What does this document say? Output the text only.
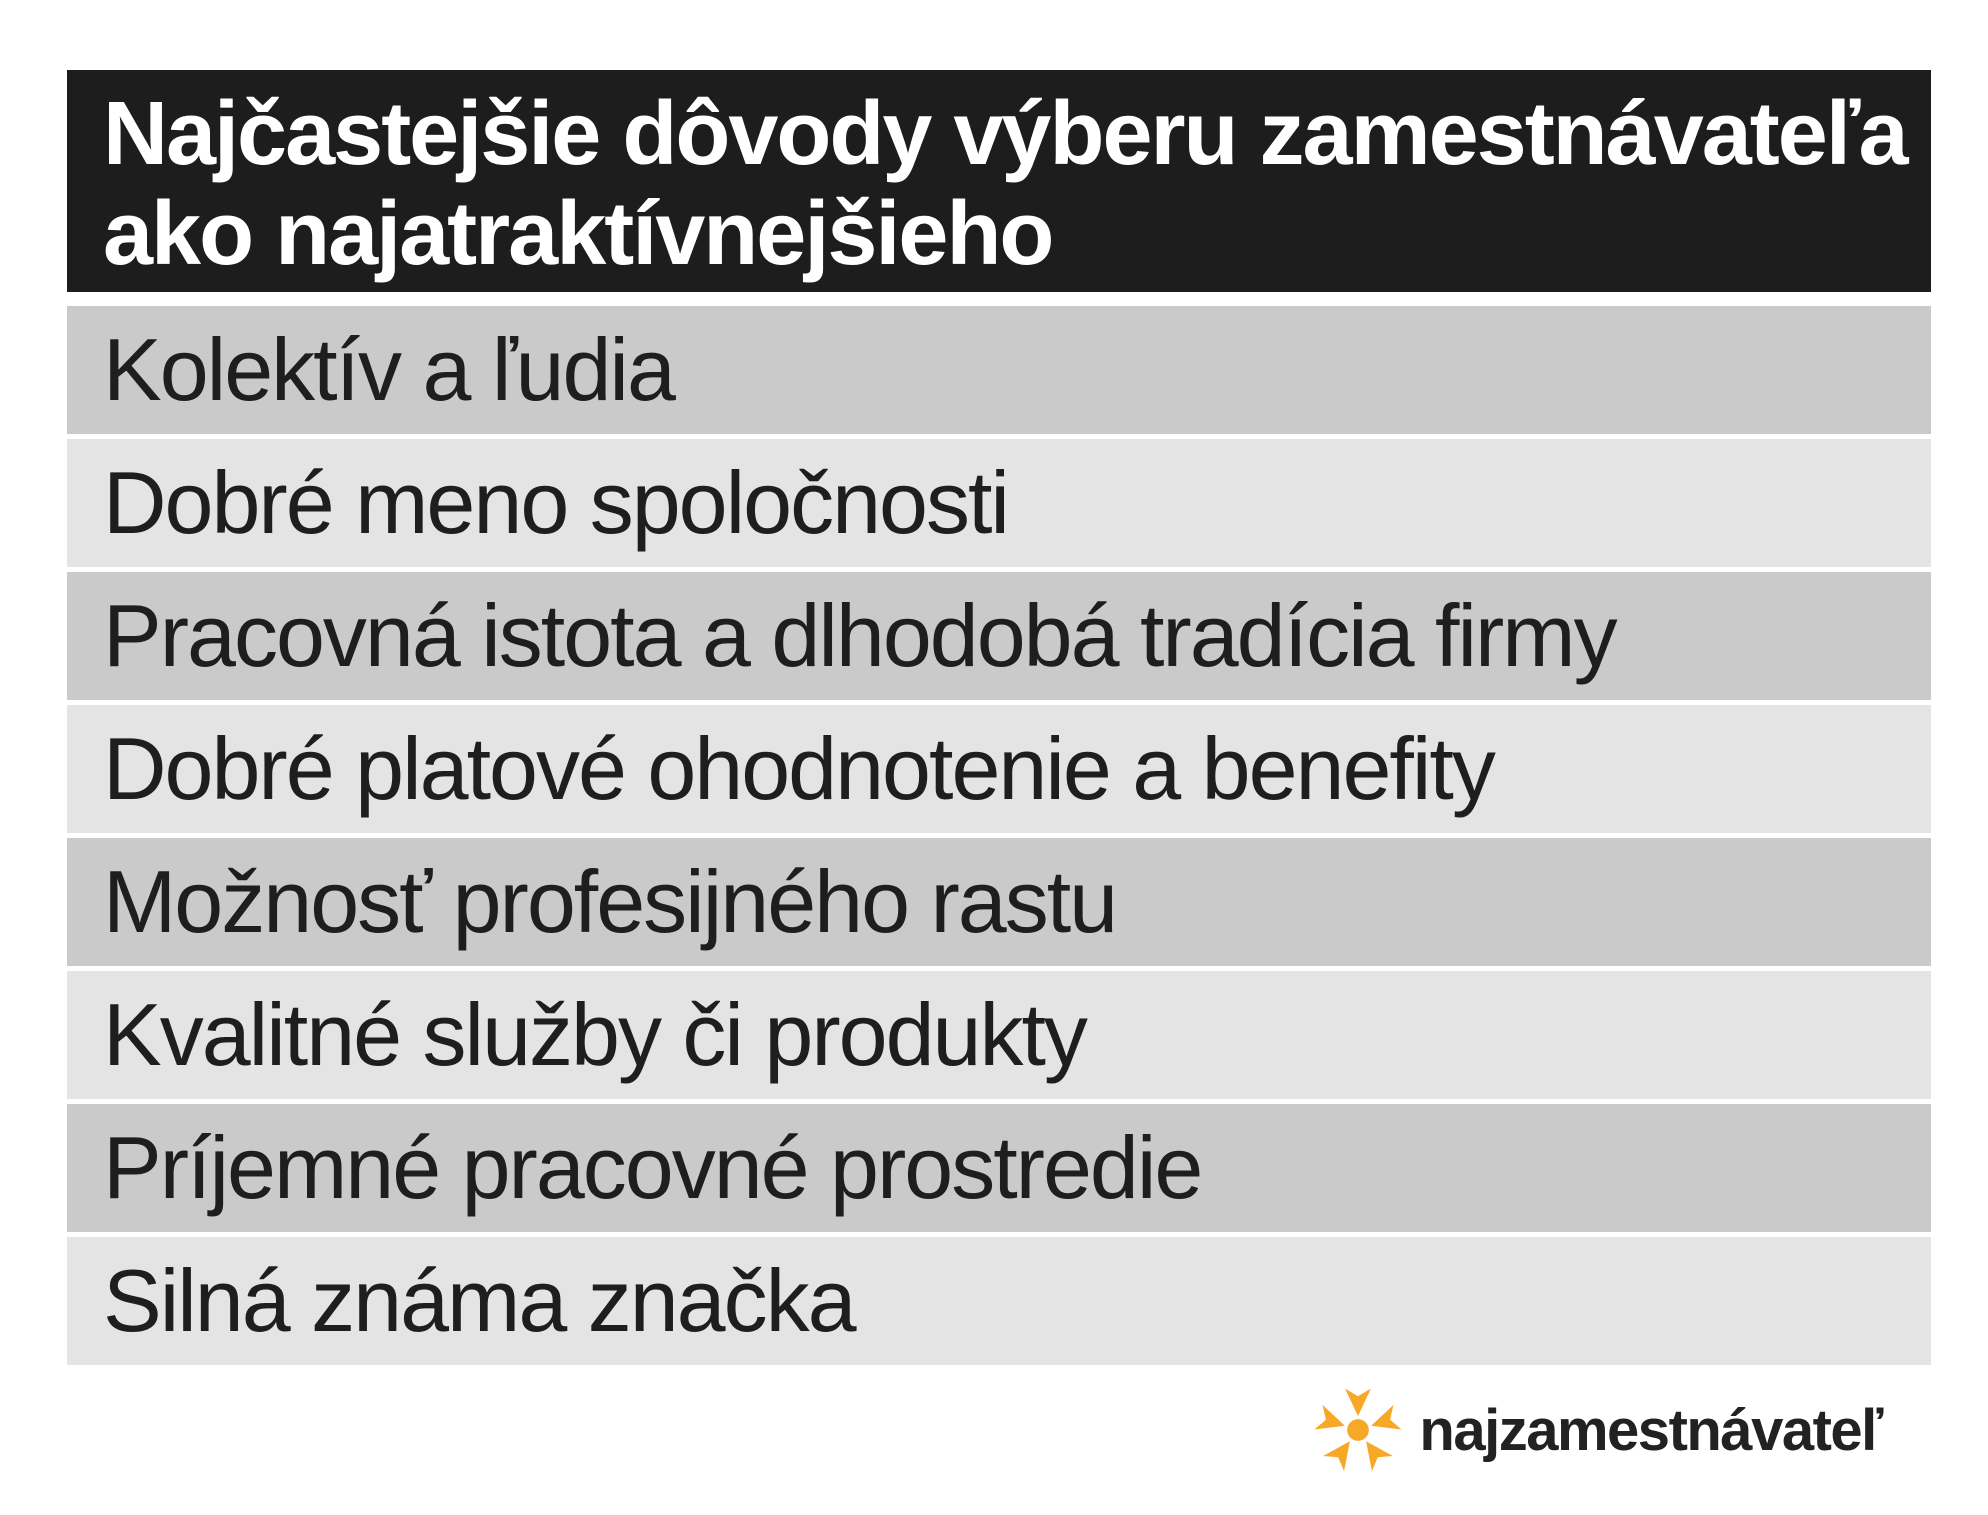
Najčastejšie dôvody výberu zamestnávateľa
ako najatraktívnejšieho
Kolektív a ľudia
Dobré meno spoločnosti
Pracovná istota a dlhodobá tradícia firmy
Dobré platové ohodnotenie a benefity
Možnosť profesijného rastu
Kvalitné služby či produkty
Príjemné pracovné prostredie
Silná známa značka
najzamestnávateľ
